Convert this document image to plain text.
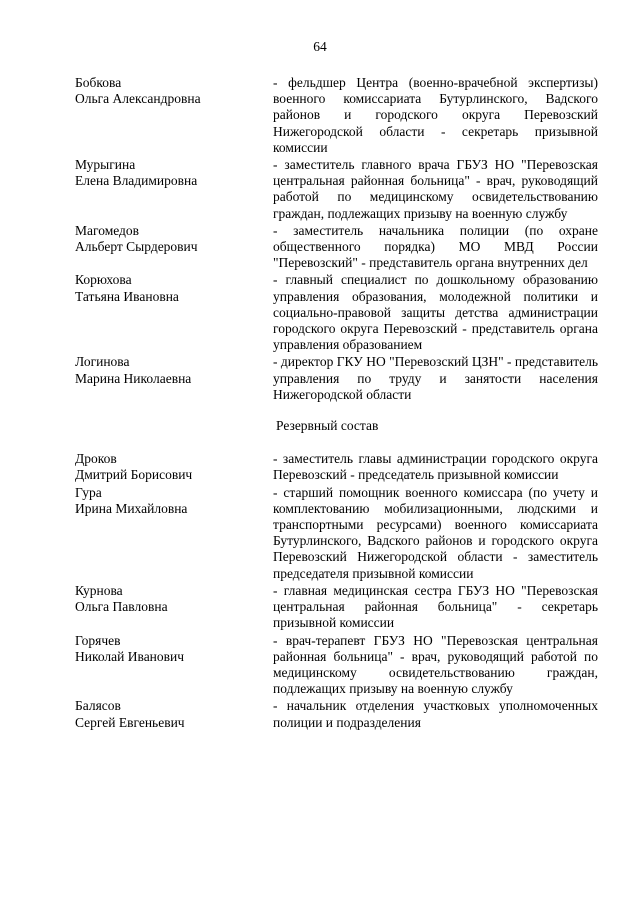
64
Бобкова
Ольга Александровна
- фельдшер Центра (военно-врачебной экспертизы) военного комиссариата Бутурлинского, Вадского районов и городского округа Перевозский Нижегородской области - секретарь призывной комиссии
Мурыгина
Елена Владимировна
- заместитель главного врача ГБУЗ НО "Перевозская центральная районная больница" - врач, руководящий работой по медицинскому освидетельствованию граждан, подлежащих призыву на военную службу
Магомедов
Альберт Сырдерович
- заместитель начальника полиции (по охране общественного порядка) МО МВД России "Перевозский" - представитель органа внутренних дел
Корюхова
Татьяна Ивановна
- главный специалист по дошкольному образованию управления образования, молодежной политики и социально-правовой защиты детства администрации городского округа Перевозский - представитель органа управления образованием
Логинова
Марина Николаевна
- директор ГКУ НО "Перевозский ЦЗН" - представитель управления по труду и занятости населения Нижегородской области
Резервный состав
Дроков
Дмитрий Борисович
- заместитель главы администрации городского округа Перевозский - председатель призывной комиссии
Гура
Ирина Михайловна
- старший помощник военного комиссара (по учету и комплектованию мобилизационными, людскими и транспортными ресурсами) военного комиссариата Бутурлинского, Вадского районов и городского округа Перевозский Нижегородской области - заместитель председателя призывной комиссии
Курнова
Ольга Павловна
- главная медицинская сестра ГБУЗ НО "Перевозская центральная районная больница" - секретарь призывной комиссии
Горячев
Николай Иванович
- врач-терапевт ГБУЗ НО "Перевозская центральная районная больница" - врач, руководящий работой по медицинскому освидетельствованию граждан, подлежащих призыву на военную службу
Балясов
Сергей Евгеньевич
- начальник отделения участковых уполномоченных полиции и подразделения
